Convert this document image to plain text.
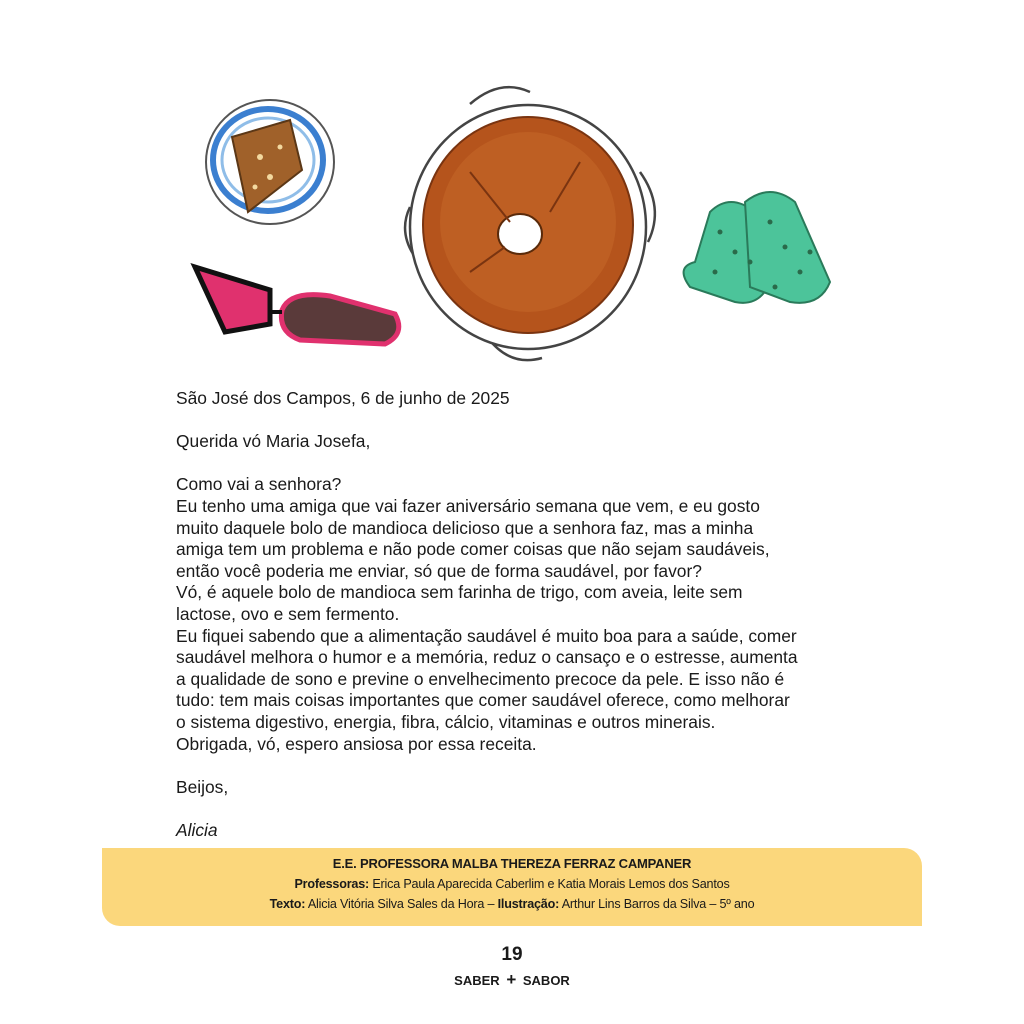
São José dos Campos, 6 de junho de 2025

Querida vó Maria Josefa,

Como vai a senhora?

Eu tenho uma amiga que vai fazer aniversário semana que vem, e eu gosto

muito daquele bolo de mandioca delicioso que a senhora faz, mas a minha

amiga tem um problema e não pode comer coisas que não sejam saudáveis,

então você poderia me enviar, só que de forma saudável, por favor?

Vó, é aquele bolo de mandioca sem farinha de trigo, com aveia, leite sem

lactose, ovo e sem fermento.

Eu fiquei sabendo que a alimentação saudável é muito boa para a saúde, comer

saudável melhora o humor e a memória, reduz o cansaço e o estresse, aumenta

a qualidade de sono e previne o envelhecimento precoce da pele. E isso não é

tudo: tem mais coisas importantes que comer saudável oferece, como melhorar

o sistema digestivo, energia, fibra, cálcio, vitaminas e outros minerais.

Obrigada, vó, espero ansiosa por essa receita.

Beijos,

Alicia

E.E. PROFESSORA MALBA THEREZA FERRAZ CAMPANER
Professoras: Erica Paula Aparecida Caberlim e Katia Morais Lemos dos Santos
Texto: Alicia Vitória Silva Sales da Hora – Ilustração: Arthur Lins Barros da Silva – 5º ano
19
SABER + SABOR
